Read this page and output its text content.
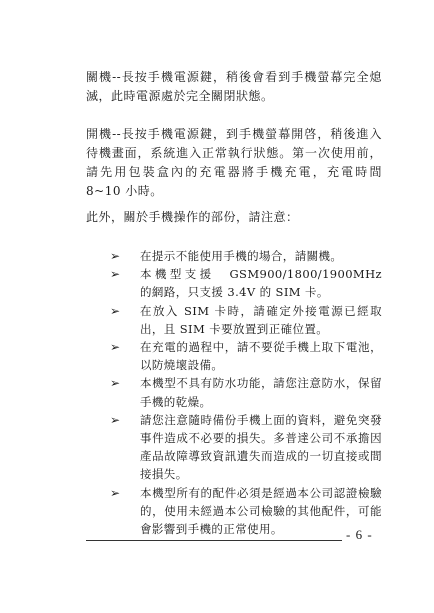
關機--長按手機電源鍵，稍後會看到手機螢幕完全熄滅，此時電源處於完全關閉狀態。

開機--長按手機電源鍵，到手機螢幕開啓，稍後進入待機畫面，系統進入正常執行狀態。第一次使用前，請先用包裝盒內的充電器將手機充電，充電時間 8~10 小時。

此外，關於手機操作的部份，請注意：

➢ 在提示不能使用手機的場合，請關機。
➢ 本機型支援　GSM900/1800/1900MHz　的網路，只支援 3.4V 的 SIM 卡。
➢ 在放入 SIM 卡時，請確定外接電源已經取出，且 SIM 卡要放置到正確位置。
➢ 在充電的過程中，請不要從手機上取下電池，以防燒壞設備。
➢ 本機型不具有防水功能，請您注意防水，保留手機的乾燥。
➢ 請您注意隨時備份手機上面的資料，避免突發事件造成不必要的損失。多普達公司不承擔因產品故障導致資訊遺失而造成的一切直接或間接損失。
➢ 本機型所有的配件必須是經過本公司認證檢驗的，使用未經過本公司檢驗的其他配件，可能會影響到手機的正常使用。	- 6 -
